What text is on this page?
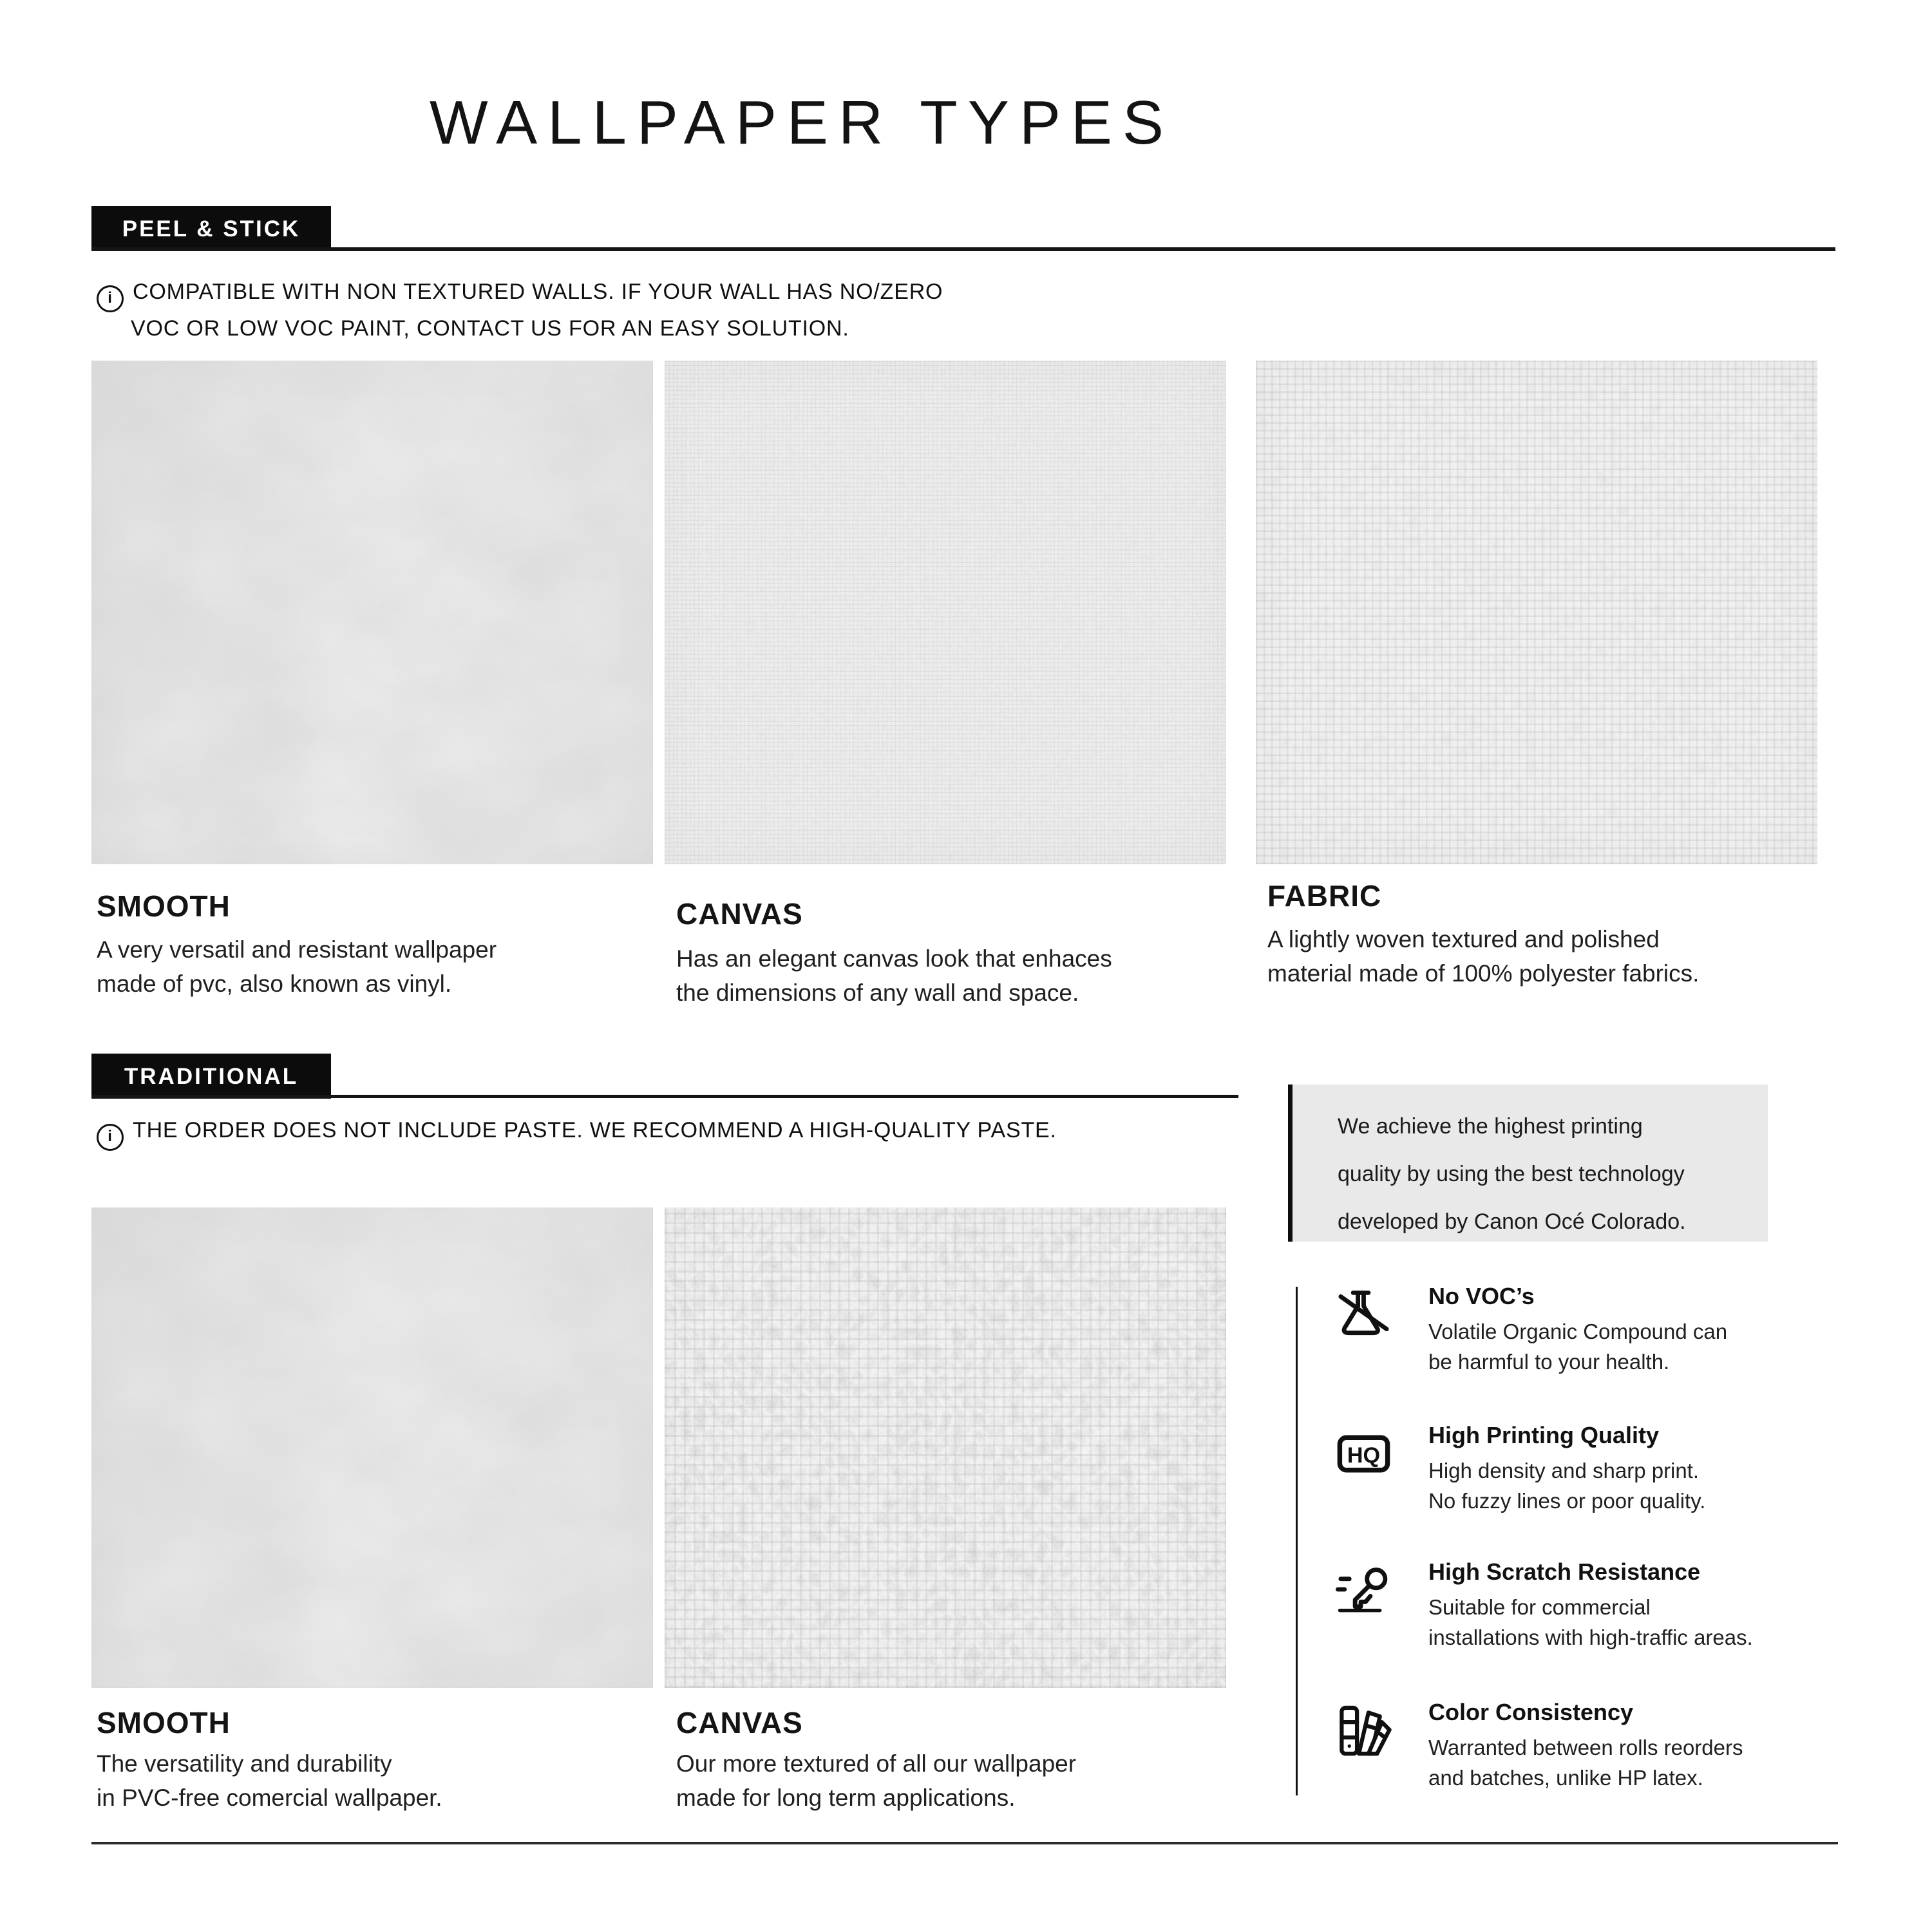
WALLPAPER TYPES
PEEL & STICK
i COMPATIBLE WITH NON TEXTURED WALLS. IF YOUR WALL HAS NO/ZERO
VOC OR LOW VOC PAINT, CONTACT US FOR AN EASY SOLUTION.
SMOOTH
A very versatil and resistant wallpaper
made of pvc, also known as vinyl.
CANVAS
Has an elegant canvas look that enhaces
the dimensions of any wall and space.
FABRIC
A lightly woven textured and polished
material made of 100% polyester fabrics.
TRADITIONAL
i THE ORDER DOES NOT INCLUDE PASTE. WE RECOMMEND A HIGH-QUALITY PASTE.
SMOOTH
The versatility and durability
in PVC-free comercial wallpaper.
CANVAS
Our more textured of all our wallpaper
made for long term applications.
We achieve the highest printing
quality by using the best technology
developed by Canon Océ Colorado.
No VOC’s
Volatile Organic Compound can
be harmful to your health.
HQ
High Printing Quality
High density and sharp print.
No fuzzy lines or poor quality.
High Scratch Resistance
Suitable for commercial
installations with high-traffic areas.
Color Consistency
Warranted between rolls reorders
and batches, unlike HP latex.
